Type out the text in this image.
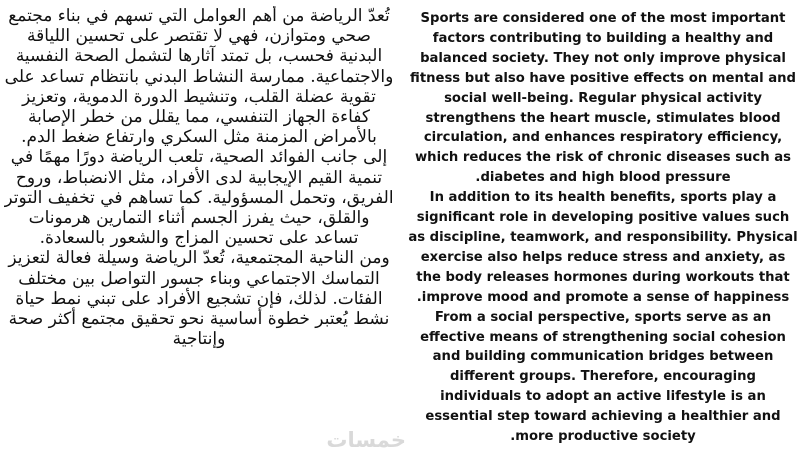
تُعدّ الرياضة من أهم العوامل التي تسهم في بناء مجتمع صحي ومتوازن، فهي لا تقتصر على تحسين اللياقة البدنية فحسب، بل تمتد آثارها لتشمل الصحة النفسية والاجتماعية. ممارسة النشاط البدني بانتظام تساعد على تقوية عضلة القلب، وتنشيط الدورة الدموية، وتعزيز كفاءة الجهاز التنفسي، مما يقلل من خطر الإصابة بالأمراض المزمنة مثل السكري وارتفاع ضغط الدم.

إلى جانب الفوائد الصحية، تلعب الرياضة دورًا مهمًا في تنمية القيم الإيجابية لدى الأفراد، مثل الانضباط، وروح الفريق، وتحمل المسؤولية. كما تساهم في تخفيف التوتر والقلق، حيث يفرز الجسم أثناء التمارين هرمونات تساعد على تحسين المزاج والشعور بالسعادة.

ومن الناحية المجتمعية، تُعدّ الرياضة وسيلة فعالة لتعزيز التماسك الاجتماعي وبناء جسور التواصل بين مختلف الفئات. لذلك، فإن تشجيع الأفراد على تبني نمط حياة نشط يُعتبر خطوة أساسية نحو تحقيق مجتمع أكثر صحة وإنتاجية

Sports are considered one of the most important factors contributing to building a healthy and balanced society. They not only improve physical fitness but also have positive effects on mental and social well-being. Regular physical activity strengthens the heart muscle, stimulates blood circulation, and enhances respiratory efficiency, which reduces the risk of chronic diseases such as diabetes and high blood pressure.

In addition to its health benefits, sports play a significant role in developing positive values such as discipline, teamwork, and responsibility. Physical exercise also helps reduce stress and anxiety, as the body releases hormones during workouts that improve mood and promote a sense of happiness.

From a social perspective, sports serve as an effective means of strengthening social cohesion and building communication bridges between different groups. Therefore, encouraging individuals to adopt an active lifestyle is an essential step toward achieving a healthier and more productive society.

خمسات
